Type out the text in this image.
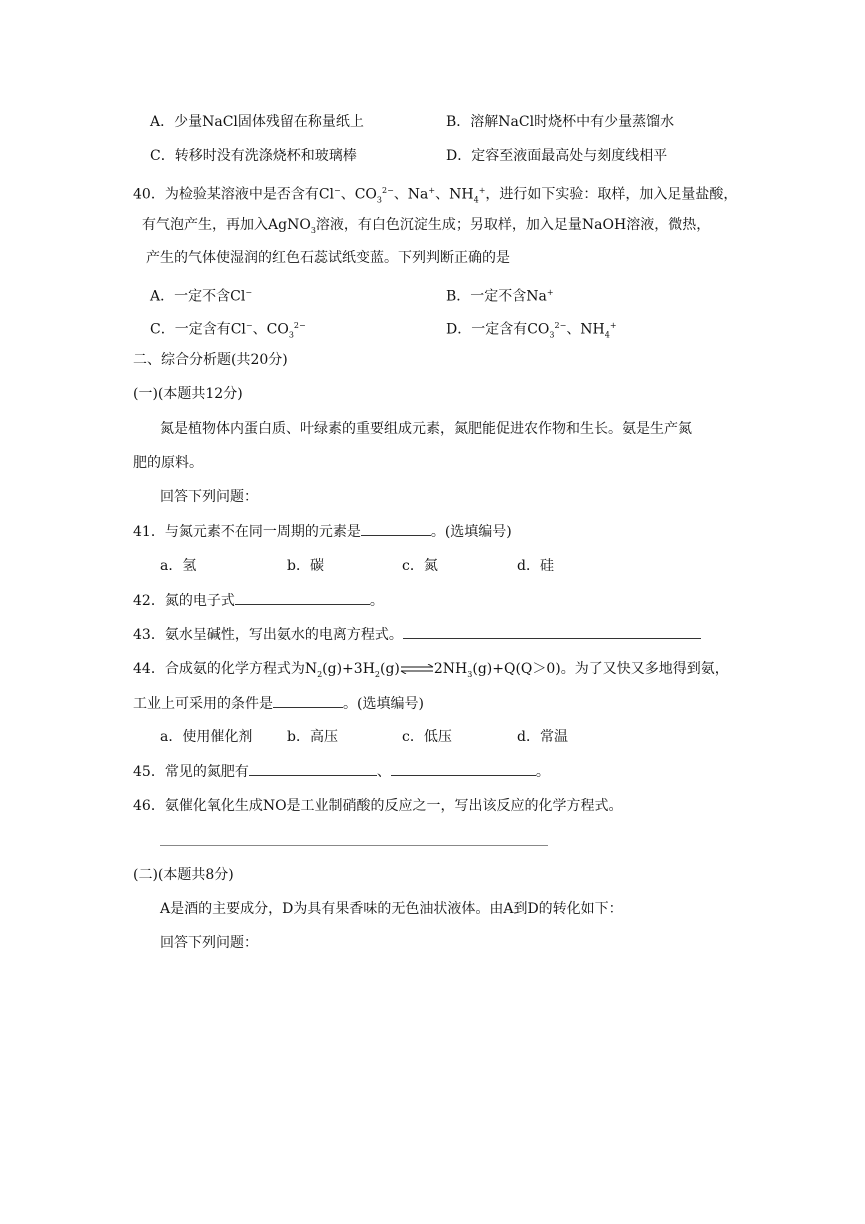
A．少量NaCl固体残留在称量纸上	B．溶解NaCl时烧杯中有少量蒸馏水
C．转移时没有洗涤烧杯和玻璃棒	D．定容至液面最高处与刻度线相平
40．为检验某溶液中是否含有Cl−、$CO_3^{2-}$、Na+、$NH_4^+$，进行如下实验：取样，加入足量盐酸，
有气泡产生，再加入AgNO$_3$溶液，有白色沉淀生成；另取样，加入足量NaOH溶液，微热，
产生的气体使湿润的红色石蕊试纸变蓝。下列判断正确的是
A．一定不含Cl−	B．一定不含Na+
C．一定含有Cl−、$CO_3^{2-}$	D．一定含有$CO_3^{2-}$、$NH_4^+$
二、综合分析题(共20分)
(一)(本题共12分)
氮是植物体内蛋白质、叶绿素的重要组成元素，氮肥能促进农作物和生长。氨是生产氮
肥的原料。
回答下列问题：
41．与氮元素不在同一周期的元素是	。(选填编号)
a．氢	b．碳	c．氮	d．硅
42．氮的电子式	。
43．氨水呈碱性，写出氨水的电离方程式。
44．合成氨的化学方程式为$N_2(g)+3H_2(g)\rightleftharpoons 2NH_3(g)+Q(Q>0)$。为了又快又多地得到氨，
工业上可采用的条件是	。(选填编号)
a．使用催化剂 b．高压	c．低压	d．常温
45．常见的氮肥有	、	。
46．氨催化氧化生成NO是工业制硝酸的反应之一，写出该反应的化学方程式。
(二)(本题共8分)
A是酒的主要成分，D为具有果香味的无色油状液体。由A到D的转化如下：
回答下列问题：
